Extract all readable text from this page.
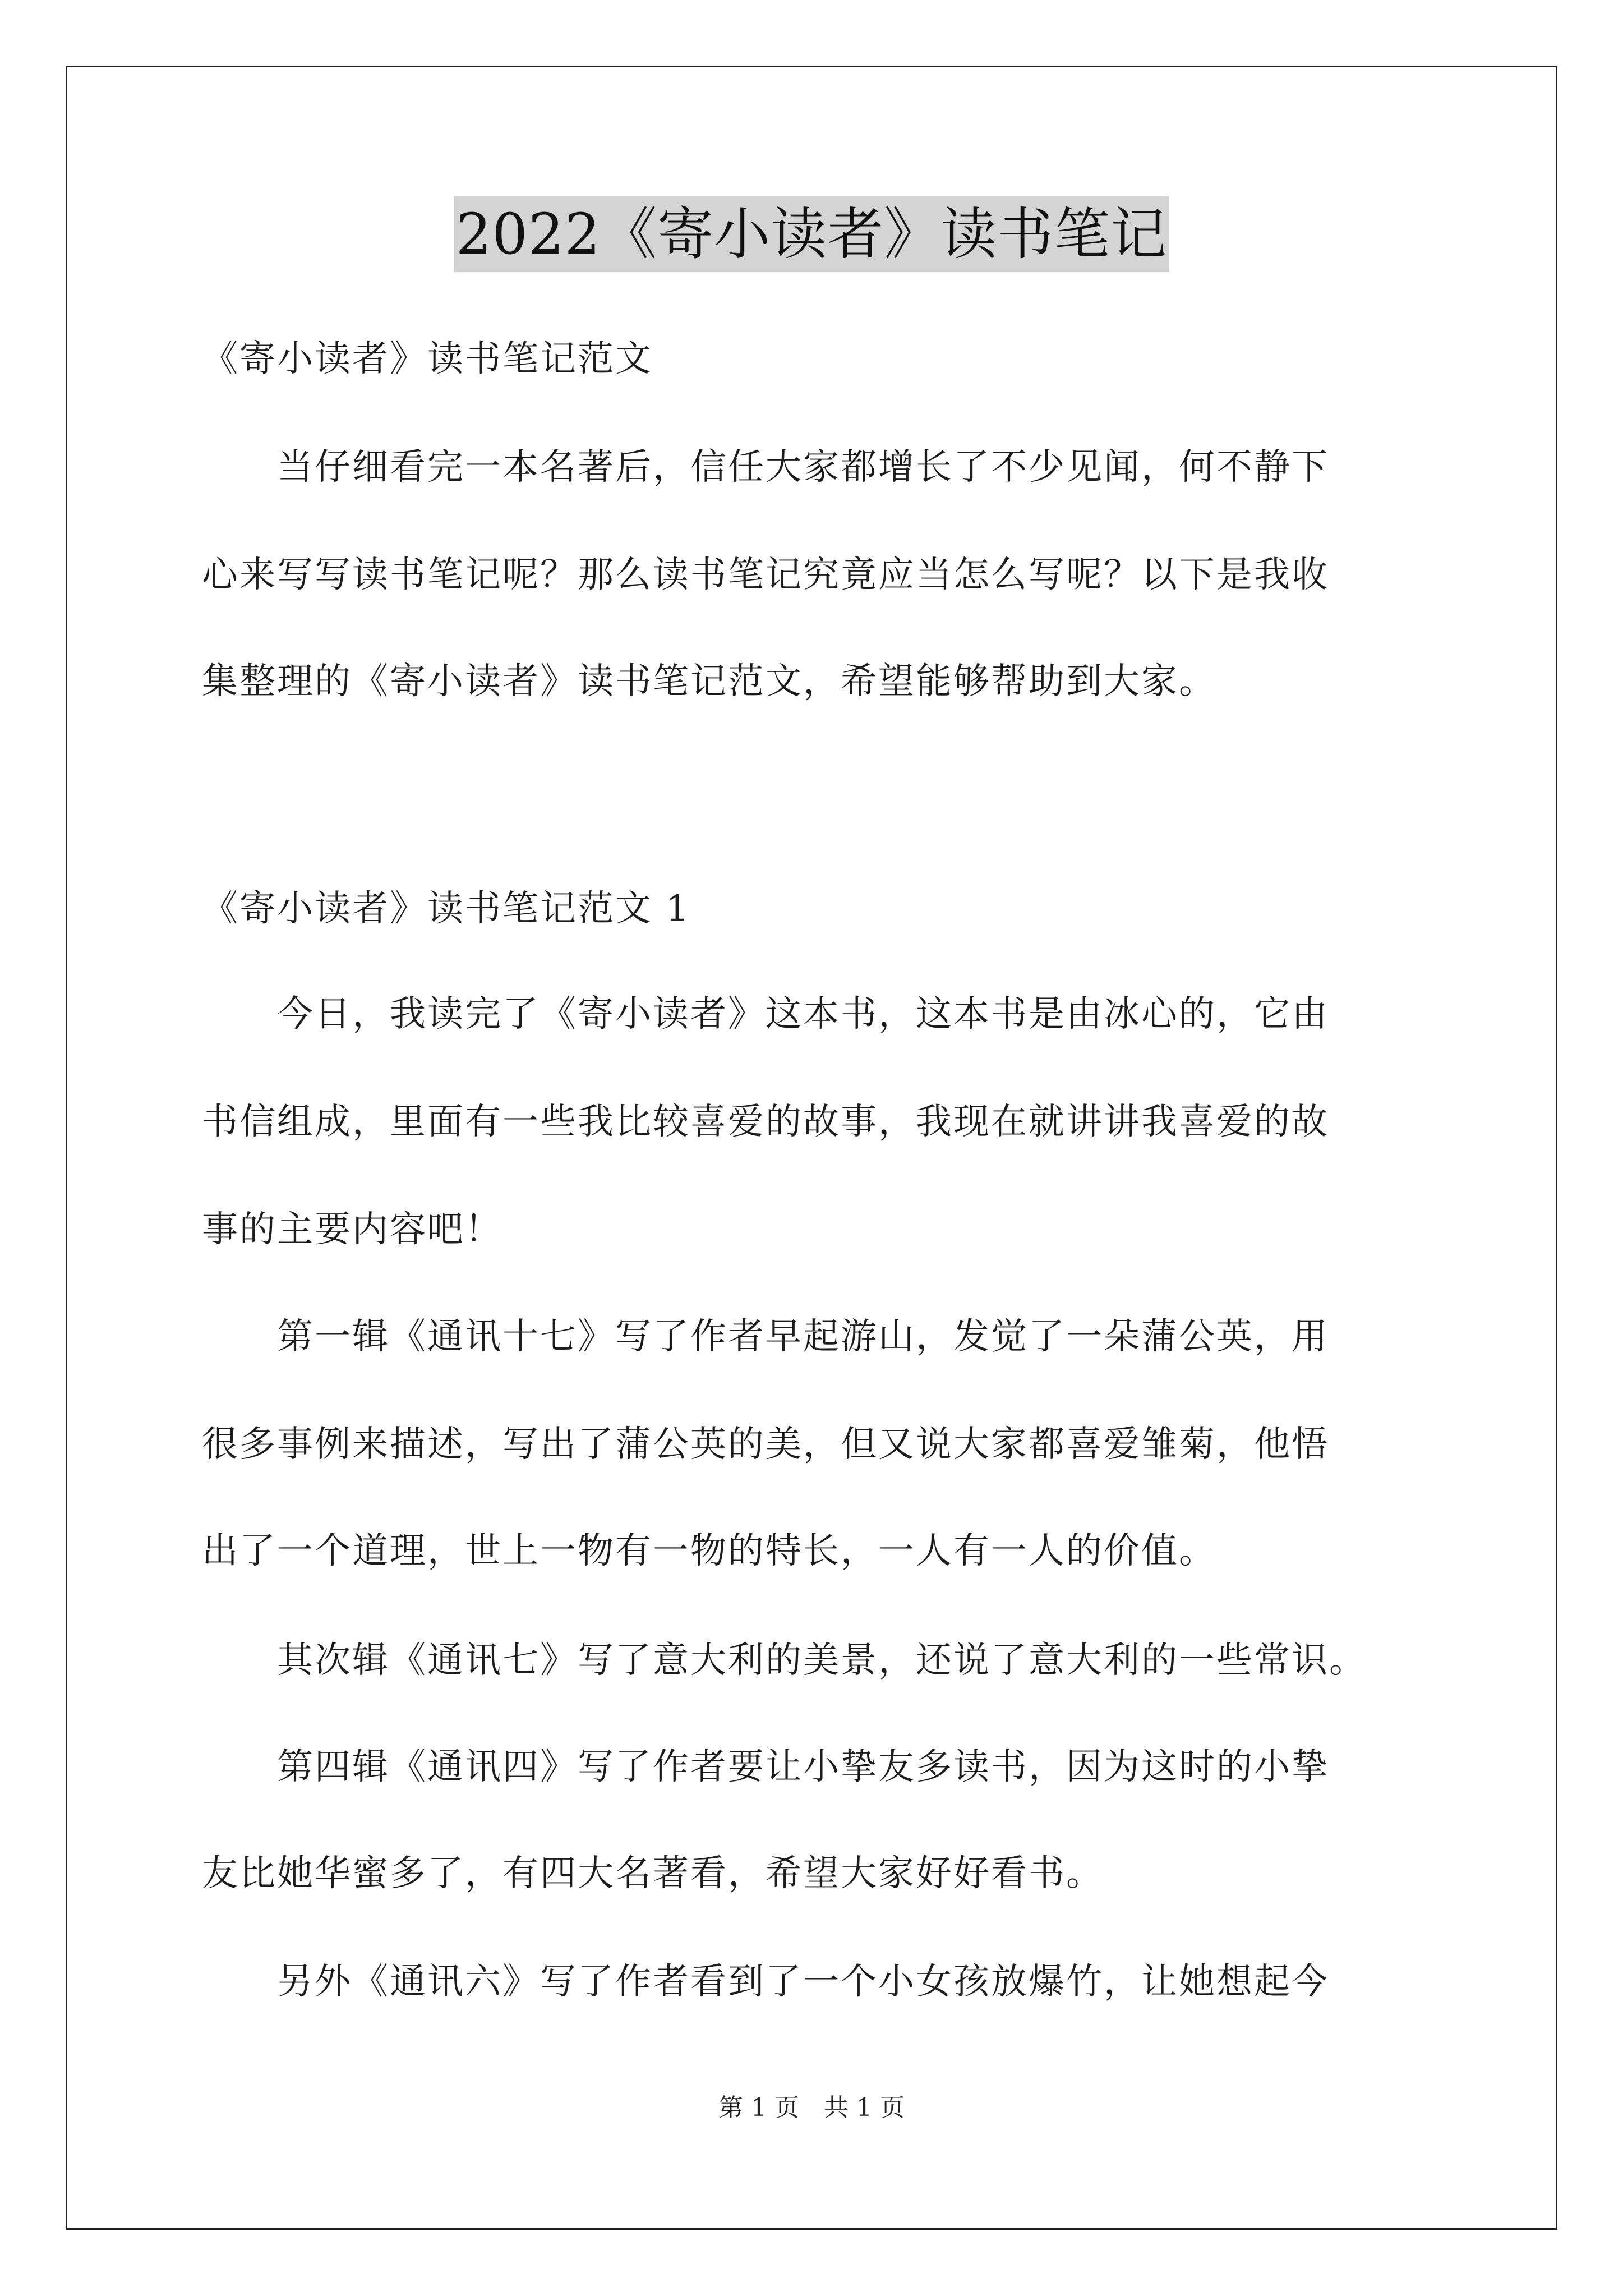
2022《寄小读者》读书笔记
《寄小读者》读书笔记范文
　　当仔细看完一本名著后，信任大家都增长了不少见闻，何不静下
心来写写读书笔记呢？那么读书笔记究竟应当怎么写呢？以下是我收
集整理的《寄小读者》读书笔记范文，希望能够帮助到大家。
《寄小读者》读书笔记范文 1
　　今日，我读完了《寄小读者》这本书，这本书是由冰心的，它由
书信组成，里面有一些我比较喜爱的故事，我现在就讲讲我喜爱的故
事的主要内容吧！
　　第一辑《通讯十七》写了作者早起游山，发觉了一朵蒲公英，用
很多事例来描述，写出了蒲公英的美，但又说大家都喜爱雏菊，他悟
出了一个道理，世上一物有一物的特长，一人有一人的价值。
　　其次辑《通讯七》写了意大利的美景，还说了意大利的一些常识。
　　第四辑《通讯四》写了作者要让小挚友多读书，因为这时的小挚
友比她华蜜多了，有四大名著看，希望大家好好看书。
　　另外《通讯六》写了作者看到了一个小女孩放爆竹，让她想起今
第 1 页　共 1 页
